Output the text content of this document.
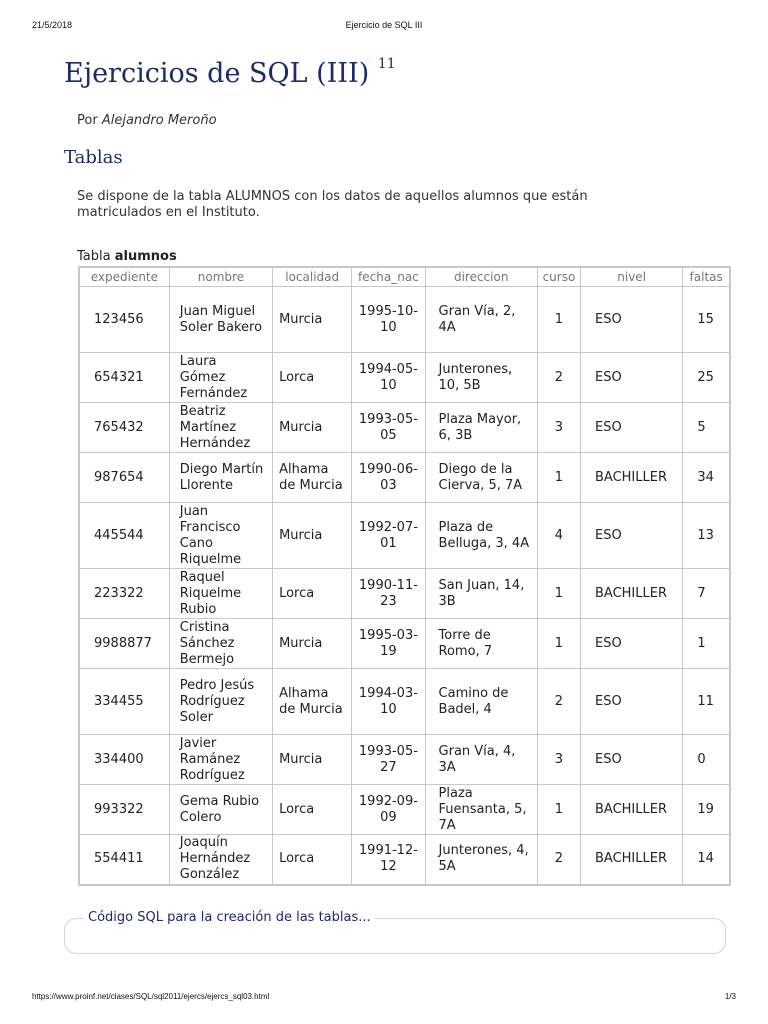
21/5/2018	Ejercicio de SQL III
Ejercicios de SQL (III) $^{11}$
Por Alejandro Meroño
Tablas

Se dispone de la tabla ALUMNOS con los datos de aquellos alumnos que están matriculados en el Instituto.

Tabla alumnos
expediente	nombre	localidad	fecha_nac	direccion	curso	nivel	faltas
123456	Juan Miguel Soler Bakero	Murcia	1995-10-10	Gran Vía, 2, 4A	1	ESO	15
654321	Laura Gómez Fernández	Lorca	1994-05-10	Junterones, 10, 5B	2	ESO	25
765432	Beatriz Martínez Hernández	Murcia	1993-05-05	Plaza Mayor, 6, 3B	3	ESO	5
987654	Diego Martín Llorente	Alhama de Murcia	1990-06-03	Diego de la Cierva, 5, 7A	1	BACHILLER	34
445544	Juan Francisco Cano Riquelme	Murcia	1992-07-01	Plaza de Belluga, 3, 4A	4	ESO	13
223322	Raquel Riquelme Rubio	Lorca	1990-11-23	San Juan, 14, 3B	1	BACHILLER	7
9988877	Cristina Sánchez Bermejo	Murcia	1995-03-19	Torre de Romo, 7	1	ESO	1
334455	Pedro Jesús Rodríguez Soler	Alhama de Murcia	1994-03-10	Camino de Badel, 4	2	ESO	11
334400	Javier Ramánez Rodríguez	Murcia	1993-05-27	Gran Vía, 4, 3A	3	ESO	0
993322	Gema Rubio Colero	Lorca	1992-09-09	Plaza Fuensanta, 5, 7A	1	BACHILLER	19
554411	Joaquín Hernández González	Lorca	1991-12-12	Junterones, 4, 5A	2	BACHILLER	14
Código SQL para la creación de las tablas...
https://www.proinf.net/clases/SQL/sql2011/ejercs/ejercs_sql03.html	1/3
